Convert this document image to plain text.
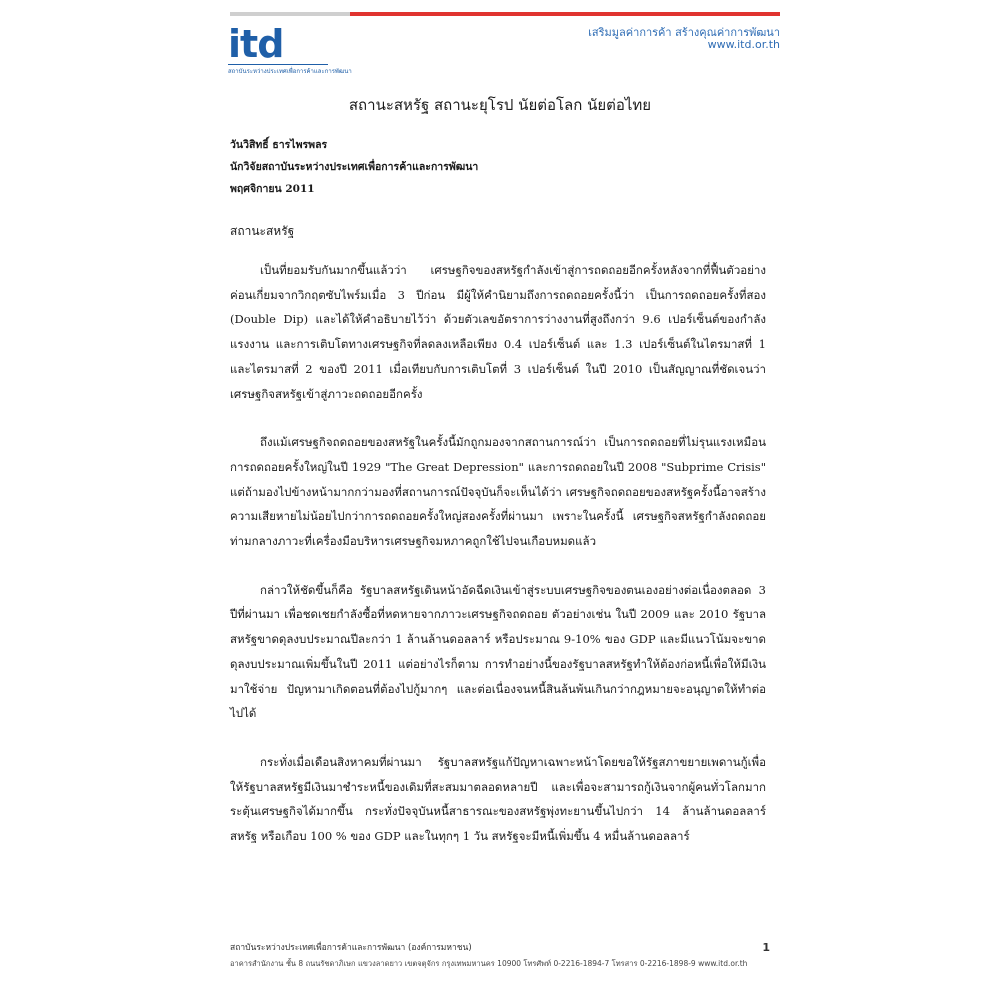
itd
สถาบันระหว่างประเทศเพื่อการค้าและการพัฒนา
เสริมมูลค่าการค้า สร้างคุณค่าการพัฒนา
www.itd.or.th
สถานะสหรัฐ สถานะยุโรป นัยต่อโลก นัยต่อไทย
วันวิสิทธิ์ ธารไพรพลร
นักวิจัยสถาบันระหว่างประเทศเพื่อการค้าและการพัฒนา
พฤศจิกายน 2011
สถานะสหรัฐ

เป็นที่ยอมรับกันมากขึ้นแล้วว่า เศรษฐกิจของสหรัฐกำลังเข้าสู่การถดถอยอีกครั้งหลังจากที่ฟื้นตัวอย่างค่อนเกี่ยมจากวิกฤตซับไพร์มเมื่อ 3 ปีก่อน มีผู้ให้คำนิยามถึงการถดถอยครั้งนี้ว่า เป็นการถดถอยครั้งที่สอง (Double Dip) และได้ให้คำอธิบายไว้ว่า ด้วยตัวเลขอัตราการว่างงานที่สูงถึงกว่า 9.6 เปอร์เซ็นต์ของกำลังแรงงาน และการเติบโตทางเศรษฐกิจที่ลดลงเหลือเพียง 0.4 เปอร์เซ็นต์ และ 1.3 เปอร์เซ็นต์ในไตรมาสที่ 1 และไตรมาสที่ 2 ของปี 2011 เมื่อเทียบกับการเติบโตที่ 3 เปอร์เซ็นต์ ในปี 2010 เป็นสัญญาณที่ชัดเจนว่า เศรษฐกิจสหรัฐเข้าสู่ภาวะถดถอยอีกครั้ง

ถึงแม้เศรษฐกิจถดถอยของสหรัฐในครั้งนี้มักถูกมองจากสถานการณ์ว่า เป็นการถดถอยที่ไม่รุนแรงเหมือนการถดถอยครั้งใหญ่ในปี 1929 "The Great Depression" และการถดถอยในปี 2008 "Subprime Crisis" แต่ถ้ามองไปข้างหน้ามากกว่ามองที่สถานการณ์ปัจจุบันก็จะเห็นได้ว่า เศรษฐกิจถดถอยของสหรัฐครั้งนี้อาจสร้างความเสียหายไม่น้อยไปกว่าการถดถอยครั้งใหญ่สองครั้งที่ผ่านมา เพราะในครั้งนี้ เศรษฐกิจสหรัฐกำลังถดถอยท่ามกลางภาวะที่เครื่องมือบริหารเศรษฐกิจมหภาคถูกใช้ไปจนเกือบหมดแล้ว

กล่าวให้ชัดขึ้นก็คือ รัฐบาลสหรัฐเดินหน้าอัดฉีดเงินเข้าสู่ระบบเศรษฐกิจของตนเองอย่างต่อเนื่องตลอด 3 ปีที่ผ่านมา เพื่อชดเชยกำลังซื้อที่หดหายจากภาวะเศรษฐกิจถดถอย ตัวอย่างเช่น ในปี 2009 และ 2010 รัฐบาลสหรัฐขาดดุลงบประมาณปีละกว่า 1 ล้านล้านดอลลาร์ หรือประมาณ 9-10% ของ GDP และมีแนวโน้มจะขาดดุลงบประมาณเพิ่มขึ้นในปี 2011 แต่อย่างไรก็ตาม การทำอย่างนี้ของรัฐบาลสหรัฐทำให้ต้องก่อหนี้เพื่อให้มีเงินมาใช้จ่าย ปัญหามาเกิดตอนที่ต้องไปกู้มากๆ และต่อเนื่องจนหนี้สินล้นพ้นเกินกว่ากฎหมายจะอนุญาตให้ทำต่อไปได้

กระทั่งเมื่อเดือนสิงหาคมที่ผ่านมา รัฐบาลสหรัฐแก้ปัญหาเฉพาะหน้าโดยขอให้รัฐสภาขยายเพดานกู้เพื่อให้รัฐบาลสหรัฐมีเงินมาชำระหนี้ของเดิมที่สะสมมาตลอดหลายปี และเพื่อจะสามารถกู้เงินจากผู้คนทั่วโลกมากระตุ้นเศรษฐกิจได้มากขึ้น กระทั่งปัจจุบันหนี้สาธารณะของสหรัฐพุ่งทะยานขึ้นไปกว่า 14 ล้านล้านดอลลาร์สหรัฐ หรือเกือบ 100 % ของ GDP และในทุกๆ 1 วัน สหรัฐจะมีหนี้เพิ่มขึ้น 4 หมื่นล้านดอลลาร์

สถาบันระหว่างประเทศเพื่อการค้าและการพัฒนา (องค์การมหาชน)	1
อาคารสำนักงาน ชั้น 8 ถนนรัชดาภิเษก แขวงลาดยาว เขตจตุจักร กรุงเทพมหานคร 10900 โทรศัพท์ 0-2216-1894-7 โทรสาร 0-2216-1898-9 www.itd.or.th
